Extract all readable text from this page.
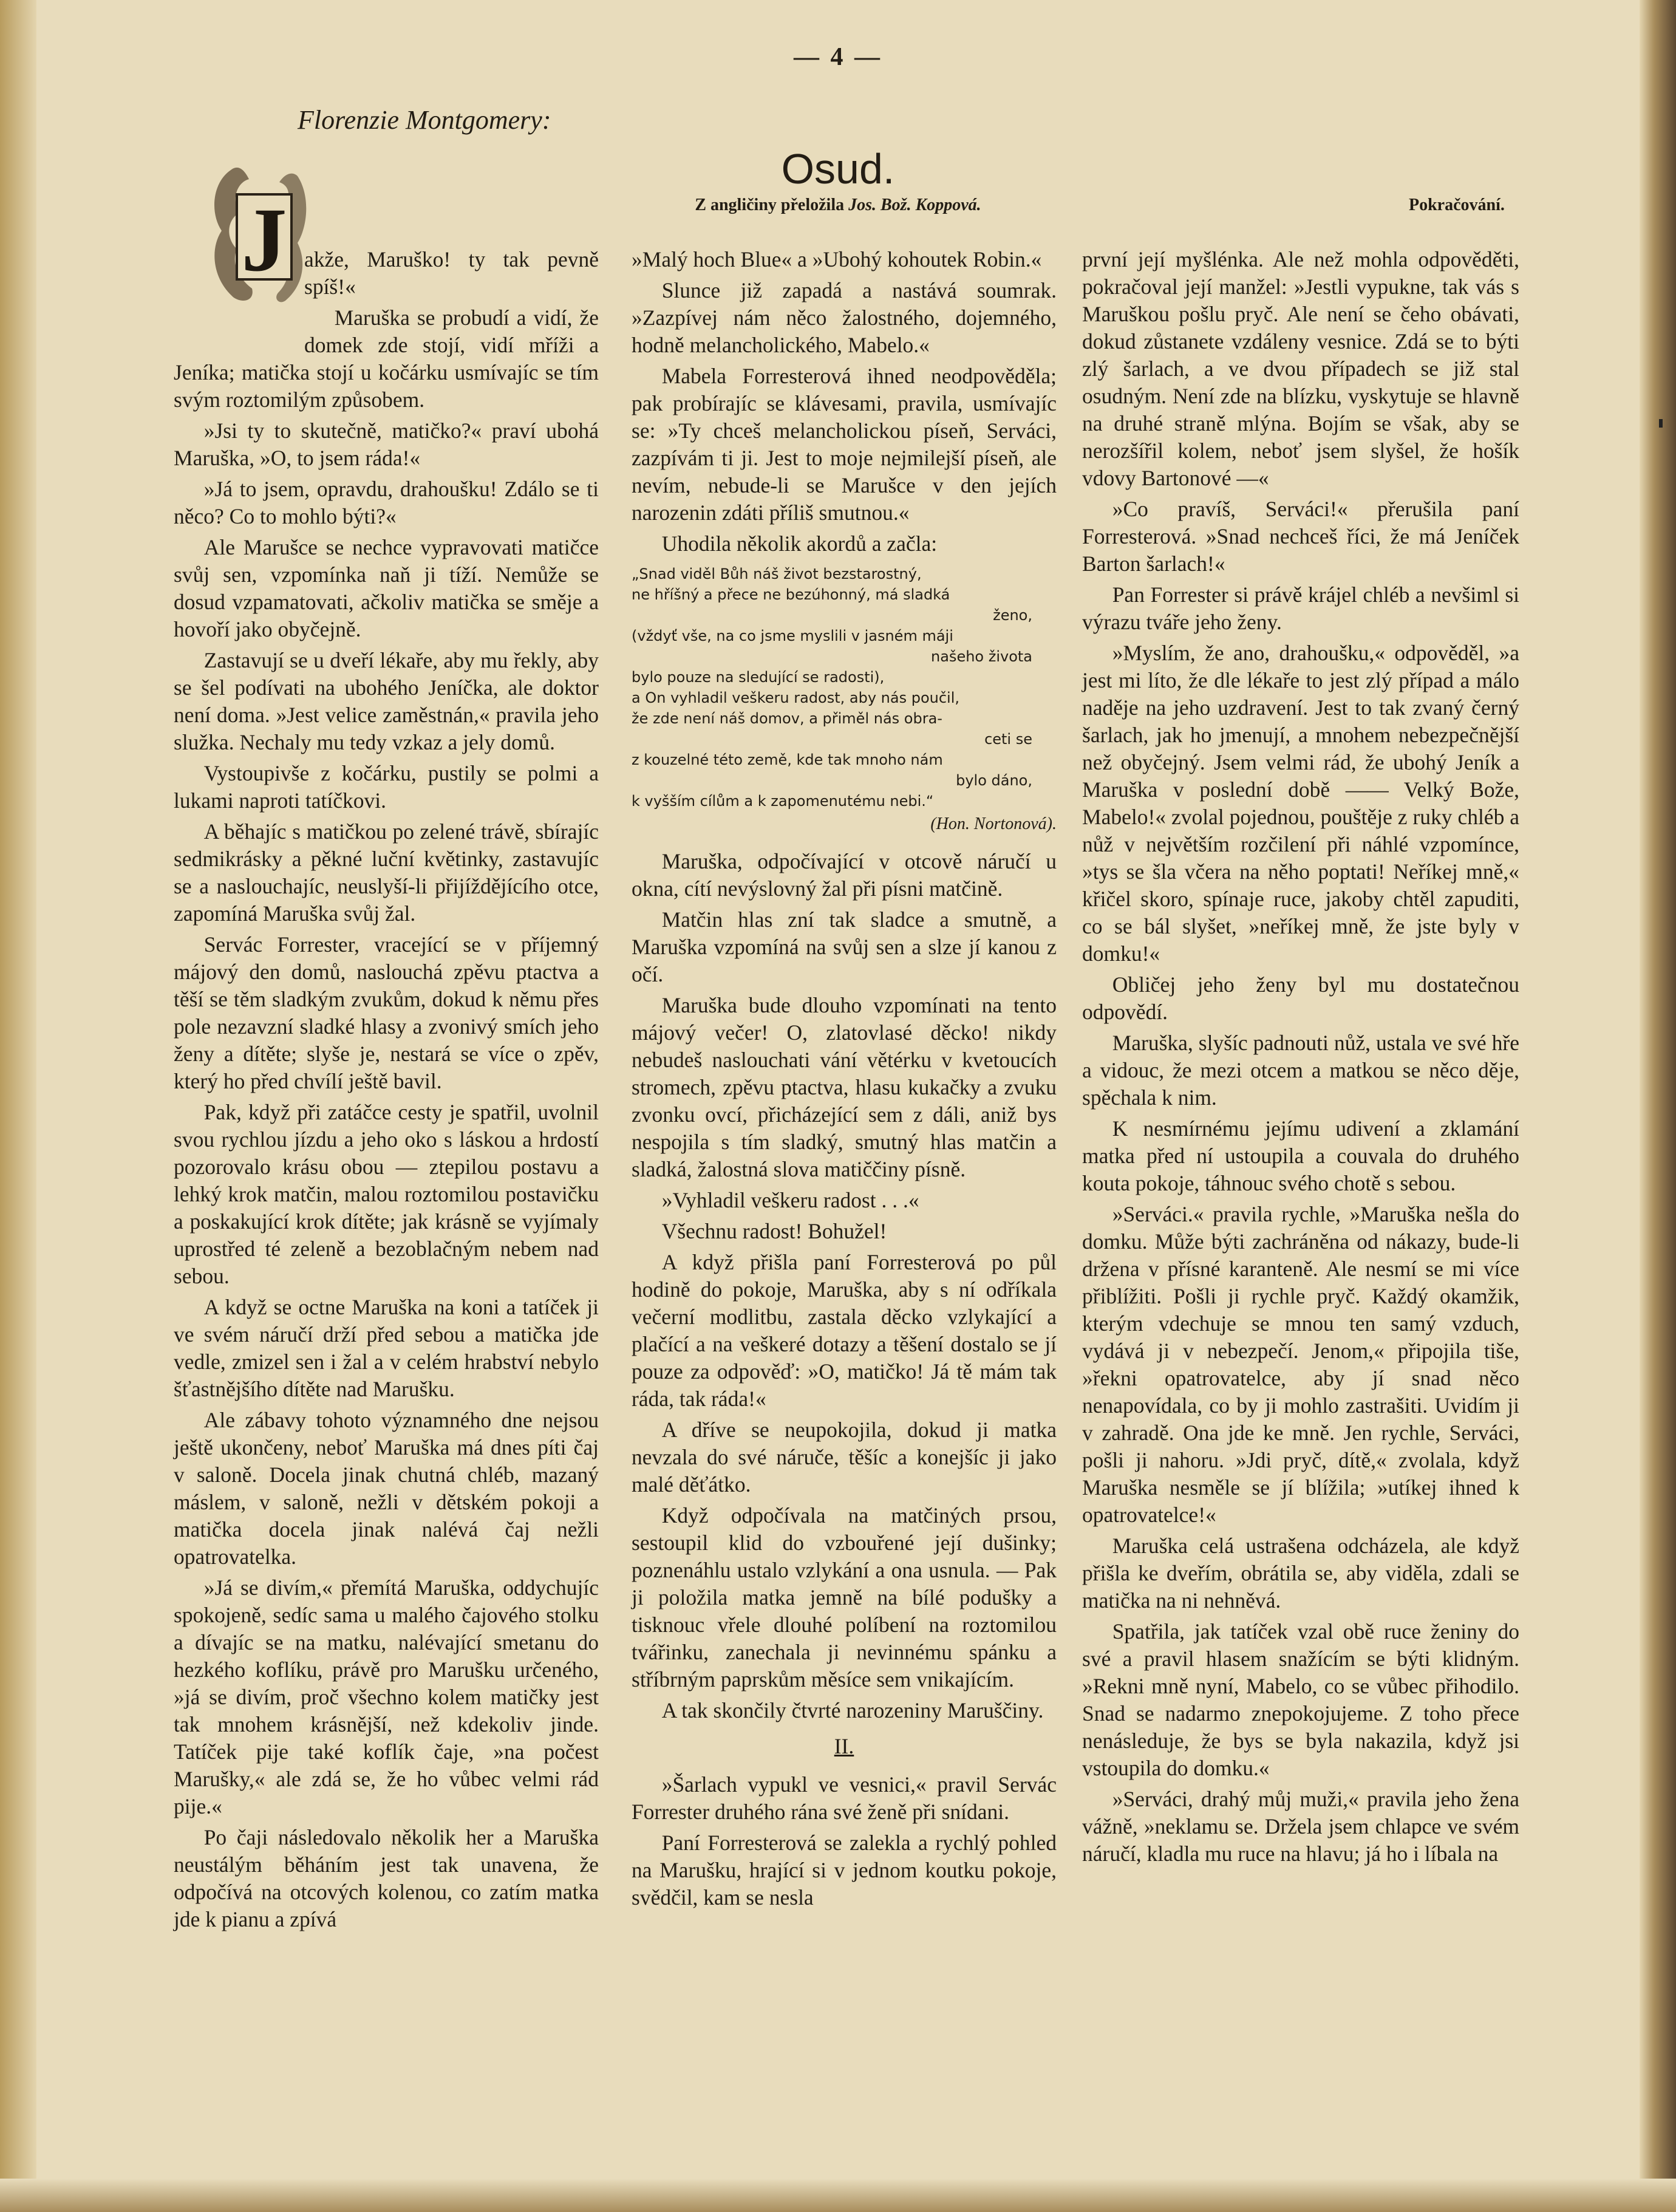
— 4 —
Florenzie Montgomery:
Osud.
Z angličiny přeložila Jos. Bož. Koppová.	Pokračování.
J akže, Maruško! ty tak pevně spíš!«

Maruška se probudí a vidí, že domek zde stojí, vidí mříži a Jeníka; matička stojí u kočárku usmívajíc se tím svým roztomilým způsobem.

»Jsi ty to skutečně, matičko?« praví ubohá Maruška, »O, to jsem ráda!«

»Já to jsem, opravdu, drahoušku! Zdálo se ti něco? Co to mohlo býti?«

Ale Marušce se nechce vypravovati matičce svůj sen, vzpomínka naň ji tíží. Nemůže se dosud vzpamatovati, ačkoliv matička se směje a hovoří jako obyčejně.

Zastavují se u dveří lékaře, aby mu řekly, aby se šel podívati na ubohého Jeníčka, ale doktor není doma. »Jest velice zaměstnán,« pravila jeho služka. Nechaly mu tedy vzkaz a jely domů.

Vystoupivše z kočárku, pustily se polmi a lukami naproti tatíčkovi.

A běhajíc s matičkou po zelené trávě, sbírajíc sedmikrásky a pěkné luční květinky, zastavujíc se a naslouchajíc, neuslyší-li přijíždějícího otce, zapomíná Maruška svůj žal.

Servác Forrester, vracející se v příjemný májový den domů, naslouchá zpěvu ptactva a těší se těm sladkým zvukům, dokud k němu přes pole nezavzní sladké hlasy a zvonivý smích jeho ženy a dítěte; slyše je, nestará se více o zpěv, který ho před chvílí ještě bavil.

Pak, když při zatáčce cesty je spatřil, uvolnil svou rychlou jízdu a jeho oko s láskou a hrdostí pozorovalo krásu obou — ztepilou postavu a lehký krok matčin, malou roztomilou postavičku a poskakující krok dítěte; jak krásně se vyjímaly uprostřed té zeleně a bezoblačným nebem nad sebou.

A když se octne Maruška na koni a tatíček ji ve svém náručí drží před sebou a matička jde vedle, zmizel sen i žal a v celém hrabství nebylo šťastnějšího dítěte nad Marušku.

Ale zábavy tohoto významného dne nejsou ještě ukončeny, neboť Maruška má dnes píti čaj v saloně. Docela jinak chutná chléb, mazaný máslem, v saloně, nežli v dětském pokoji a matička docela jinak nalévá čaj nežli opatrovatelka.

»Já se divím,« přemítá Maruška, oddychujíc spokojeně, sedíc sama u malého čajového stolku a dívajíc se na matku, nalévající smetanu do hezkého koflíku, právě pro Marušku určeného, »já se divím, proč všechno kolem matičky jest tak mnohem krásnější, než kdekoliv jinde. Tatíček pije také koflík čaje, »na počest Marušky,« ale zdá se, že ho vůbec velmi rád pije.«

Po čaji následovalo několik her a Maruška neustálým běháním jest tak unavena, že odpočívá na otcových kolenou, co zatím matka jde k pianu a zpívá

»Malý hoch Blue« a »Ubohý kohoutek Robin.«

Slunce již zapadá a nastává soumrak. »Zazpívej nám něco žalostného, dojemného, hodně melancholického, Mabelo.«

Mabela Forresterová ihned neodpověděla; pak probírajíc se klávesami, pravila, usmívajíc se: »Ty chceš melancholickou píseň, Serváci, zazpívám ti ji. Jest to moje nejmilejší píseň, ale nevím, nebude-li se Marušce v den jejích narozenin zdáti příliš smutnou.«

Uhodila několik akordů a začla:

„Snad viděl Bůh náš život bezstarostný,
ne hříšný a přece ne bezúhonný, má sladká
ženo,
(vždyť vše, na co jsme myslili v jasném máji
našeho života
bylo pouze na sledující se radosti),
a On vyhladil veškeru radost, aby nás poučil,
že zde není náš domov, a přiměl nás obra-
ceti se
z kouzelné této země, kde tak mnoho nám
bylo dáno,
k vyšším cílům a k zapomenutému nebi.“
(Hon. Nortonová).

Maruška, odpočívající v otcově náručí u okna, cítí nevýslovný žal při písni matčině.

Matčin hlas zní tak sladce a smutně, a Maruška vzpomíná na svůj sen a slze jí kanou z očí.

Maruška bude dlouho vzpomínati na tento májový večer! O, zlatovlasé děcko! nikdy nebudeš naslouchati vání větérku v kvetoucích stromech, zpěvu ptactva, hlasu kukačky a zvuku zvonku ovcí, přicházející sem z dáli, aniž bys nespojila s tím sladký, smutný hlas matčin a sladká, žalostná slova matiččiny písně.

»Vyhladil veškeru radost . . .«

Všechnu radost! Bohužel!

A když přišla paní Forresterová po půl hodině do pokoje, Maruška, aby s ní odříkala večerní modlitbu, zastala děcko vzlykající a plačící a na veškeré dotazy a těšení dostalo se jí pouze za odpověď: »O, matičko! Já tě mám tak ráda, tak ráda!«

A dříve se neupokojila, dokud ji matka nevzala do své náruče, těšíc a konejšíc ji jako malé děťátko.

Když odpočívala na matčiných prsou, sestoupil klid do vzbouřené její dušinky; poznenáhlu ustalo vzlykání a ona usnula. — Pak ji položila matka jemně na bílé podušky a tisknouc vřele dlouhé políbení na roztomilou tvářinku, zanechala ji nevinnému spánku a stříbrným paprskům měsíce sem vnikajícím.

A tak skončily čtvrté narozeniny Maruščiny.

II.

»Šarlach vypukl ve vesnici,« pravil Servác Forrester druhého rána své ženě při snídani.

Paní Forresterová se zalekla a rychlý pohled na Marušku, hrající si v jednom koutku pokoje, svědčil, kam se nesla

první její myšlénka. Ale než mohla odpověděti, pokračoval její manžel: »Jestli vypukne, tak vás s Maruškou pošlu pryč. Ale není se čeho obávati, dokud zůstanete vzdáleny vesnice. Zdá se to býti zlý šarlach, a ve dvou případech se již stal osudným. Není zde na blízku, vyskytuje se hlavně na druhé straně mlýna. Bojím se však, aby se nerozšířil kolem, neboť jsem slyšel, že hošík vdovy Bartonové —«

»Co pravíš, Serváci!« přerušila paní Forresterová. »Snad nechceš říci, že má Jeníček Barton šarlach!«

Pan Forrester si právě krájel chléb a nevšiml si výrazu tváře jeho ženy.

»Myslím, že ano, drahoušku,« odpověděl, »a jest mi líto, že dle lékaře to jest zlý případ a málo naděje na jeho uzdravení. Jest to tak zvaný černý šarlach, jak ho jmenují, a mnohem nebezpečnější než obyčejný. Jsem velmi rád, že ubohý Jeník a Maruška v poslední době —— Velký Bože, Mabelo!« zvolal pojednou, pouštěje z ruky chléb a nůž v největším rozčilení při náhlé vzpomínce, »tys se šla včera na něho poptati! Neříkej mně,« křičel skoro, spínaje ruce, jakoby chtěl zapuditi, co se bál slyšet, »neříkej mně, že jste byly v domku!«

Obličej jeho ženy byl mu dostatečnou odpovědí.

Maruška, slyšíc padnouti nůž, ustala ve své hře a vidouc, že mezi otcem a matkou se něco děje, spěchala k nim.

K nesmírnému jejímu udivení a zklamání matka před ní ustoupila a couvala do druhého kouta pokoje, táhnouc svého chotě s sebou.

»Serváci.« pravila rychle, »Maruška nešla do domku. Může býti zachráněna od nákazy, bude-li držena v přísné karanteně. Ale nesmí se mi více přiblížiti. Pošli ji rychle pryč. Každý okamžik, kterým vdechuje se mnou ten samý vzduch, vydává ji v nebezpečí. Jenom,« připojila tiše, »řekni opatrovatelce, aby jí snad něco nenapovídala, co by ji mohlo zastrašiti. Uvidím ji v zahradě. Ona jde ke mně. Jen rychle, Serváci, pošli ji nahoru. »Jdi pryč, dítě,« zvolala, když Maruška nesměle se jí blížila; »utíkej ihned k opatrovatelce!«

Maruška celá ustrašena odcházela, ale když přišla ke dveřím, obrátila se, aby viděla, zdali se matička na ni nehněvá.

Spatřila, jak tatíček vzal obě ruce ženiny do své a pravil hlasem snažícím se býti klidným. »Rekni mně nyní, Mabelo, co se vůbec přihodilo. Snad se nadarmo znepokojujeme. Z toho přece nenásleduje, že bys se byla nakazila, když jsi vstoupila do domku.«

»Serváci, drahý můj muži,« pravila jeho žena vážně, »neklamu se. Držela jsem chlapce ve svém náručí, kladla mu ruce na hlavu; já ho i líbala na
